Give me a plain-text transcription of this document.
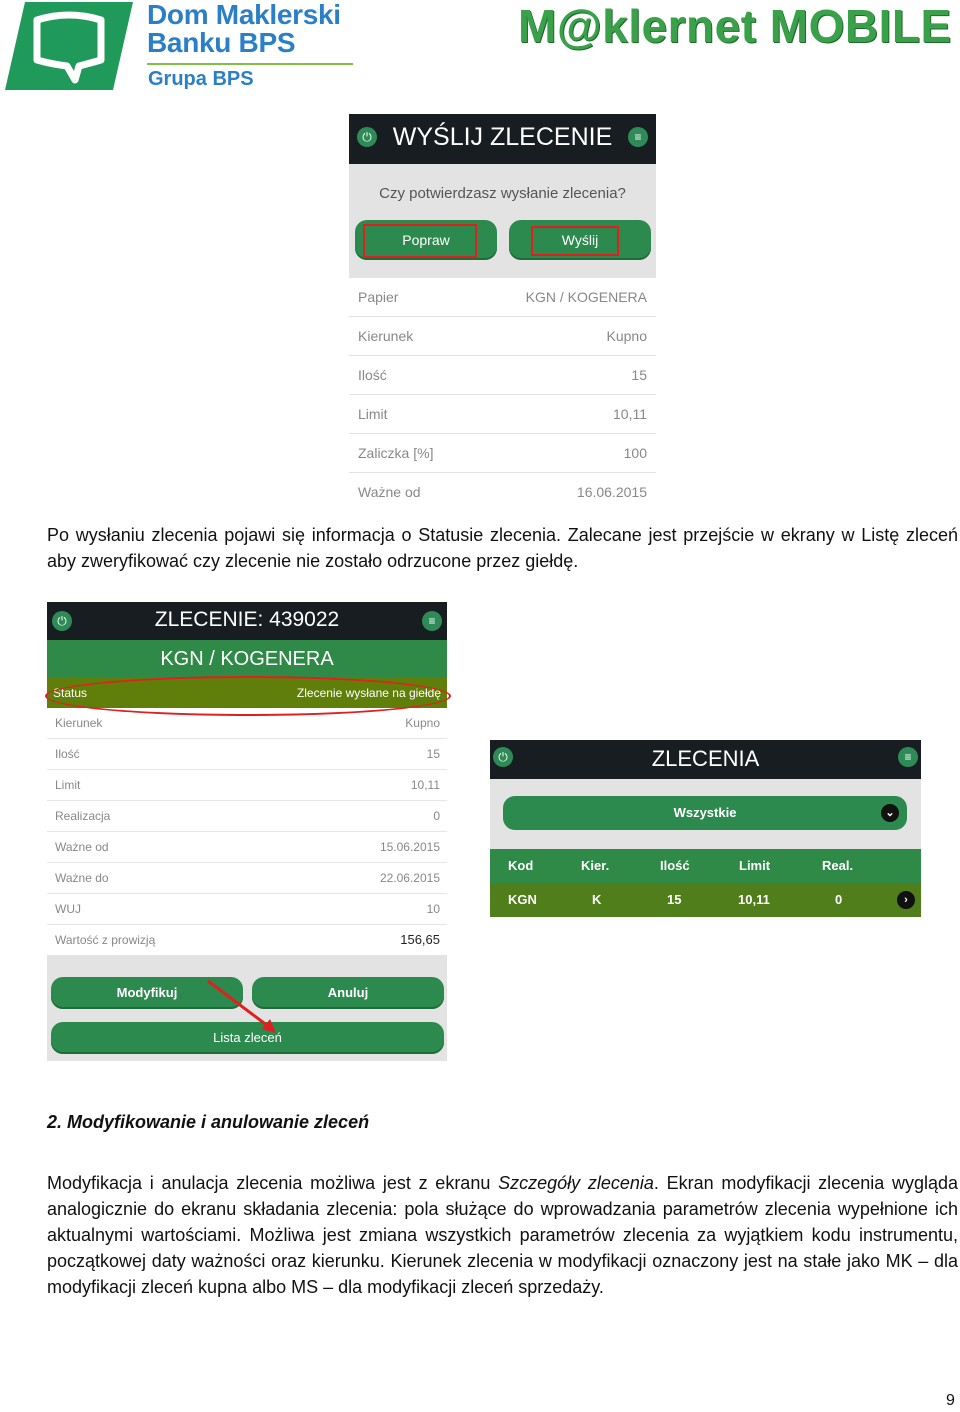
Dom Maklerski
Banku BPS
Grupa BPS
M@klernet MOBILE
⏻ WYŚLIJ ZLECENIE	≡
Czy potwierdzasz wysłanie zlecenia?
Popraw	Wyślij
Papier	KGN / KOGENERA
Kierunek	Kupno
Ilość	15
Limit	10,11
Zaliczka [%]	100
Ważne od	16.06.2015
Po wysłaniu zlecenia pojawi się informacja o Statusie zlecenia. Zalecane jest przejście w ekrany w Listę zleceń aby zweryfikować czy zlecenie nie zostało odrzucone przez giełdę.
⏻	ZLECENIE: 439022	≡
KGN / KOGENERA
Status	Zlecenie wysłane na giełdę
Kierunek	Kupno
Ilość	15
Limit	10,11
Realizacja	0
Ważne od	15.06.2015
Ważne do	22.06.2015
WUJ	10
Wartość z prowizją	156,65
Modyfikuj	Anuluj
Lista zleceń
⏻	ZLECENIA	≡
Wszystkie	⌄
Kod	Kier.	Ilość	Limit	Real.
KGN	K	15	10,11	0	›
2. Modyfikowanie i anulowanie zleceń
Modyfikacja i anulacja zlecenia możliwa jest z ekranu Szczegóły zlecenia. Ekran modyfikacji zlecenia wygląda analogicznie do ekranu składania zlecenia: pola służące do wprowadzania parametrów zlecenia wypełnione ich aktualnymi wartościami. Możliwa jest zmiana wszystkich parametrów zlecenia za wyjątkiem kodu instrumentu, początkowej daty ważności oraz kierunku. Kierunek zlecenia w modyfikacji oznaczony jest na stałe jako MK – dla modyfikacji zleceń kupna albo MS – dla modyfikacji zleceń sprzedaży.
9
